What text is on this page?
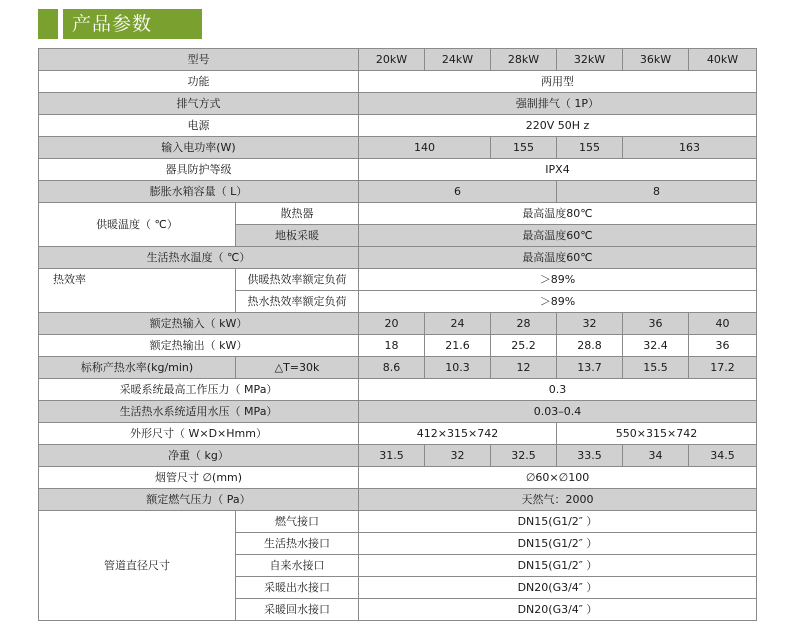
产品参数
型号		20kW	24kW	28kW	32kW	36kW	40kW
功能		两用型					
排气方式		强制排气（ 1P）					
电源		220V 50H z					
输入电功率(W)		140		155	155	163	
器具防护等级		IPX4					
膨胀水箱容量（ L）		6			8		
供暖温度（ ℃）	散热器	最高温度80℃					
	地板采暖	最高温度60℃					
生活热水温度（ ℃）		最高温度60℃					
热效率	供暖热效率额定负荷	＞89%					
	热水热效率额定负荷	＞89%					
额定热输入（ kW）		20	24	28	32	36	40
额定热输出（ kW）		18	21.6	25.2	28.8	32.4	36
标称产热水率(kg/min)	△T=30k	8.6	10.3	12	13.7	15.5	17.2
采暖系统最高工作压力（ MPa）		0.3					
生活热水系统适用水压（ MPa）		0.03–0.4					
外形尺寸（ W×D×Hmm）		412×315×742			550×315×742		
净重（ kg）		31.5	32	32.5	33.5	34	34.5
烟管尺寸 ∅(mm)		∅60×∅100					
额定燃气压力（ Pa）		天然气：2000					
管道直径尺寸	燃气接口	DN15(G1/2″ ）					
	生活热水接口	DN15(G1/2″ ）					
	自来水接口	DN15(G1/2″ ）					
	采暖出水接口	DN20(G3/4″ ）					
	采暖回水接口	DN20(G3/4″ ）					
